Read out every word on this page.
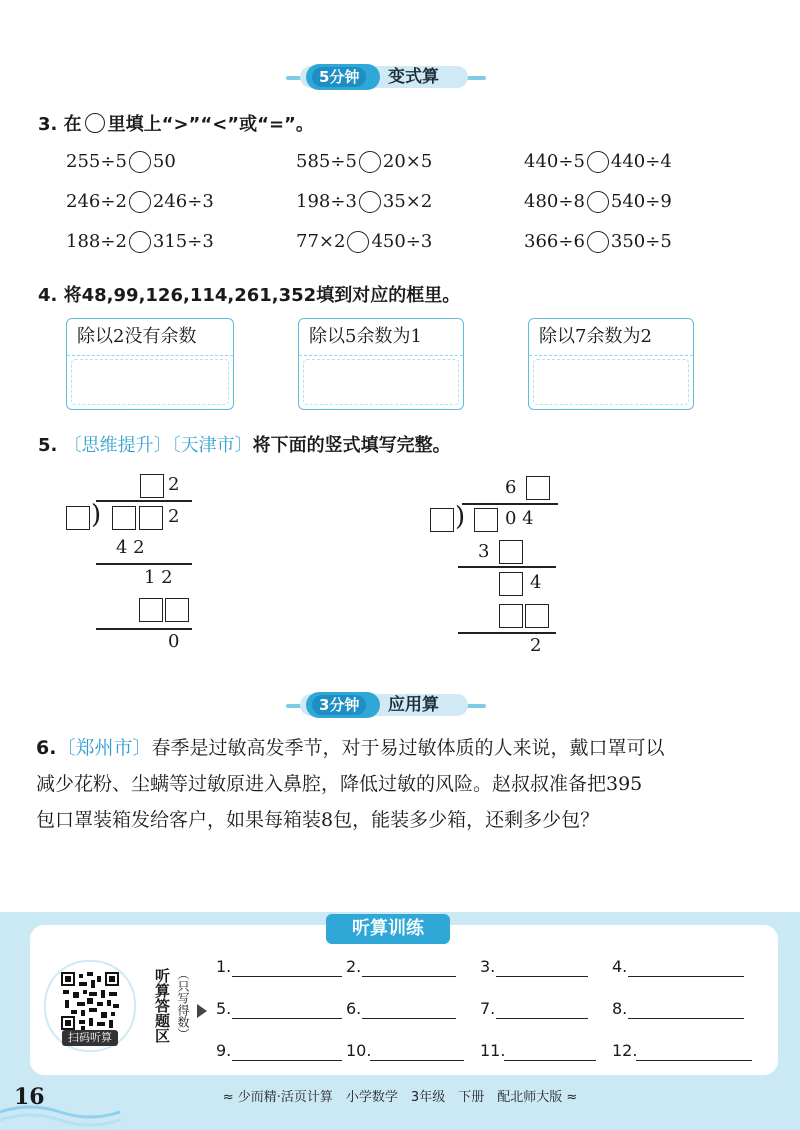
5分钟	变式算
3. 在 里填上“>”“<”或“=”。
255÷5 50	585÷5 20×5	440÷5 440÷4
246÷2 246÷3	198÷3 35×2	480÷8 540÷9
188÷2 315÷3	77×2 450÷3	366÷6 350÷5
4. 将48,99,126,114,261,352填到对应的框里。
除以2没有余数	除以5余数为1	除以7余数为2
5. 〔思维提升〕〔天津市〕将下面的竖式填写完整。
2
)	2
4 2
1 2
0
6
) 0 4
3
4
2
3分钟	应用算
6.〔郑州市〕春季是过敏高发季节，对于易过敏体质的人来说，戴口罩可以
减少花粉、尘螨等过敏原进入鼻腔，降低过敏的风险。赵叔叔准备把395
包口罩装箱发给客户，如果每箱装8包，能装多少箱，还剩多少包？
听算训练
扫码听算	听算答题区 （只写得数）
1.	2.	3.	4.
5.	6.	7.	8.
9.	10.	11.	12.
16	≈ 少而精·活页计算　小学数学　3年级　下册　配北师大版 ≈
